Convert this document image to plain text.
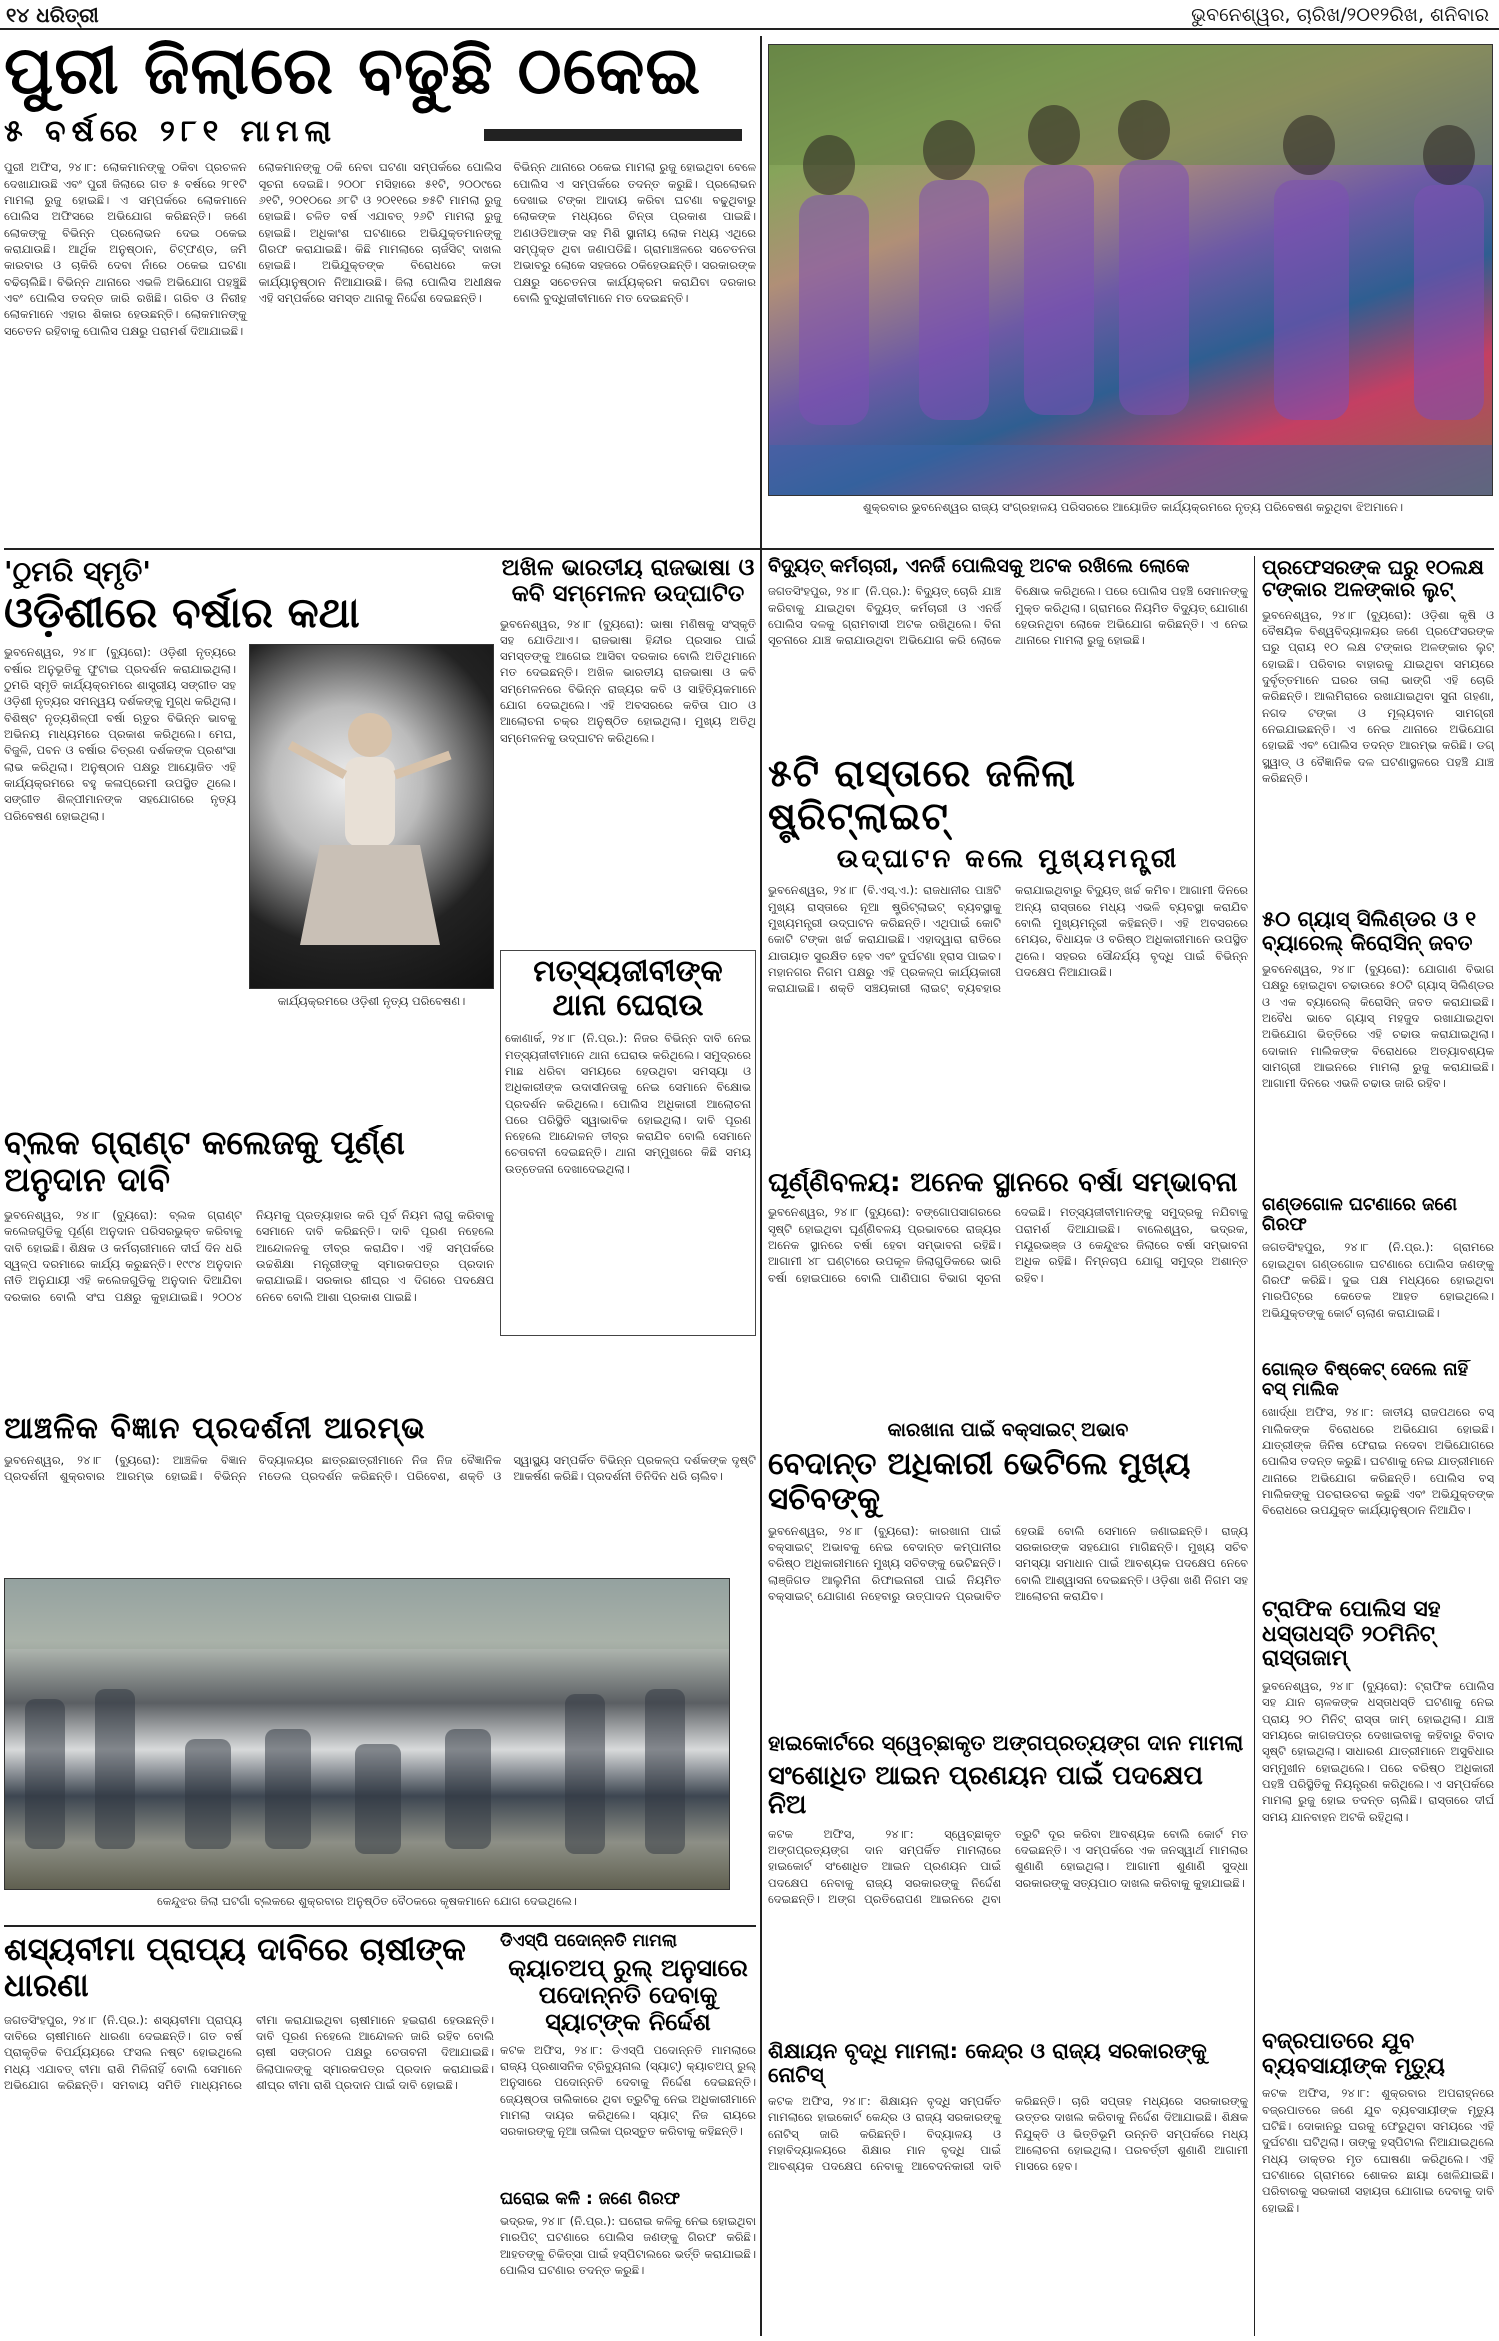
୧୪ ଧରିତ୍ରୀ	ଭୁବନେଶ୍ୱର, ଚାରିଖ/୨୦୧୨ରିଖ, ଶନିବାର
ପୁରୀ ଜିଲାରେ ବଢୁଛି ଠକେଇ
୫ ବର୍ଷରେ ୨୮୧ ମାମଲା
ପୁରୀ ଅଫିସ, ୨୪।୮: ଲୋକମାନଙ୍କୁ ଠକିବା ପ୍ରଚଳନ ଦେଖାଯାଉଛି ଏବଂ ପୁରୀ ଜିଲାରେ ଗତ ୫ ବର୍ଷରେ ୨୮୧ଟି ମାମଲା ରୁଜୁ ହୋଇଛି। ଏ ସମ୍ପର୍କରେ ଲୋକମାନେ ପୋଲିସ ଅଫିସରେ ଅଭିଯୋଗ କରିଛନ୍ତି। ଜଣେ ଲୋକଙ୍କୁ ବିଭିନ୍ନ ପ୍ରଲୋଭନ ଦେଇ ଠକେଇ କରାଯାଉଛି। ଆର୍ଥିକ ଅନୁଷ୍ଠାନ, ଚିଟ୍‌ଫଣ୍ଡ, ଜମି କାରବାର ଓ ଚାକିରି ଦେବା ନାଁରେ ଠକେଇ ଘଟଣା ବଢିଚାଲିଛି। ବିଭିନ୍ନ ଥାନାରେ ଏଭଳି ଅଭିଯୋଗ ପହଞ୍ଚୁଛି ଏବଂ ପୋଲିସ ତଦନ୍ତ ଜାରି ରଖିଛି। ଗରିବ ଓ ନିରୀହ ଲୋକମାନେ ଏହାର ଶିକାର ହେଉଛନ୍ତି। ଲୋକମାନଙ୍କୁ ସଚେତନ ରହିବାକୁ ପୋଲିସ ପକ୍ଷରୁ ପରାମର୍ଶ ଦିଆଯାଇଛି।
ଲୋକମାନଙ୍କୁ ଠକି ନେବା ଘଟଣା ସମ୍ପର୍କରେ ପୋଲିସ ସୂଚନା ଦେଇଛି। ୨୦୦୮ ମସିହାରେ ୫୧ଟି, ୨୦୦୯ରେ ୬୧ଟି, ୨୦୧୦ରେ ୬୮ଟି ଓ ୨୦୧୧ରେ ୭୫ଟି ମାମଲା ରୁଜୁ ହୋଇଛି। ଚଳିତ ବର୍ଷ ଏଯାବତ୍ ୨୬ଟି ମାମଲା ରୁଜୁ ହୋଇଛି। ଅଧିକାଂଶ ଘଟଣାରେ ଅଭିଯୁକ୍ତମାନଙ୍କୁ ଗିରଫ କରାଯାଇଛି। କିଛି ମାମଲାରେ ଚାର୍ଜସିଟ୍ ଦାଖଲ ହୋଇଛି। ଅଭିଯୁକ୍ତଙ୍କ ବିରୋଧରେ କଡା କାର୍ଯ୍ୟାନୁଷ୍ଠାନ ନିଆଯାଉଛି। ଜିଲା ପୋଲିସ ଅଧୀକ୍ଷକ ଏହି ସମ୍ପର୍କରେ ସମସ୍ତ ଥାନାକୁ ନିର୍ଦ୍ଦେଶ ଦେଇଛନ୍ତି।
ବିଭିନ୍ନ ଥାନାରେ ଠକେଇ ମାମଲା ରୁଜୁ ହୋଇଥିବା ବେଳେ ପୋଲିସ ଏ ସମ୍ପର୍କରେ ତଦନ୍ତ କରୁଛି। ପ୍ରଲୋଭନ ଦେଖାଇ ଟଙ୍କା ଆଦାୟ କରିବା ଘଟଣା ବଢୁଥିବାରୁ ଲୋକଙ୍କ ମଧ୍ୟରେ ଚିନ୍ତା ପ୍ରକାଶ ପାଇଛି। ଅଣଓଡିଆଙ୍କ ସହ ମିଶି ସ୍ଥାନୀୟ ଲୋକ ମଧ୍ୟ ଏଥିରେ ସମ୍ପୃକ୍ତ ଥିବା ଜଣାପଡିଛି। ଗ୍ରାମାଞ୍ଚଳରେ ସଚେତନତା ଅଭାବରୁ ଲୋକେ ସହଜରେ ଠକିହେଉଛନ୍ତି। ସରକାରଙ୍କ ପକ୍ଷରୁ ସଚେତନତା କାର୍ଯ୍ୟକ୍ରମ କରାଯିବା ଦରକାର ବୋଲି ବୁଦ୍ଧିଜୀବୀମାନେ ମତ ଦେଇଛନ୍ତି।
ଶୁକ୍ରବାର ଭୁବନେଶ୍ୱର ରାଜ୍ୟ ସଂଗ୍ରହାଳୟ ପରିସରରେ ଆୟୋଜିତ କାର୍ଯ୍ୟକ୍ରମରେ ନୃତ୍ୟ ପରିବେଷଣ କରୁଥିବା ଝିଅମାନେ।
'ଠୁମରି ସ୍ମୃତି'
ଓଡ଼ିଶୀରେ ବର୍ଷାର କଥା
ଭୁବନେଶ୍ୱର, ୨୪।୮ (ବ୍ୟୁରୋ): ଓଡ଼ିଶୀ ନୃତ୍ୟରେ ବର୍ଷାର ଅନୁଭୂତିକୁ ଫୁଟାଇ ପ୍ରଦର୍ଶନ କରାଯାଇଥିଲା। ଠୁମରି ସ୍ମୃତି କାର୍ଯ୍ୟକ୍ରମରେ ଶାସ୍ତ୍ରୀୟ ସଙ୍ଗୀତ ସହ ଓଡ଼ିଶୀ ନୃତ୍ୟର ସମନ୍ୱୟ ଦର୍ଶକଙ୍କୁ ମୁଗ୍ଧ କରିଥିଲା। ବିଶିଷ୍ଟ ନୃତ୍ୟଶିଳ୍ପୀ ବର୍ଷା ଋତୁର ବିଭିନ୍ନ ଭାବକୁ ଅଭିନୟ ମାଧ୍ୟମରେ ପ୍ରକାଶ କରିଥିଲେ। ମେଘ, ବିଜୁଳି, ପବନ ଓ ବର୍ଷାର ଚିତ୍ରଣ ଦର୍ଶକଙ୍କ ପ୍ରଶଂସା ଲାଭ କରିଥିଲା। ଅନୁଷ୍ଠାନ ପକ୍ଷରୁ ଆୟୋଜିତ ଏହି କାର୍ଯ୍ୟକ୍ରମରେ ବହୁ କଳାପ୍ରେମୀ ଉପସ୍ଥିତ ଥିଲେ। ସଙ୍ଗୀତ ଶିଳ୍ପୀମାନଙ୍କ ସହଯୋଗରେ ନୃତ୍ୟ ପରିବେଷଣ ହୋଇଥିଲା।
କାର୍ଯ୍ୟକ୍ରମରେ ଓଡ଼ିଶୀ ନୃତ୍ୟ ପରିବେଷଣ।
ଅଖିଳ ଭାରତୀୟ ରାଜଭାଷା ଓ କବି ସମ୍ମେଳନ ଉଦ୍‌ଘାଟିତ
ଭୁବନେଶ୍ୱର, ୨୪।୮ (ବ୍ୟୁରୋ): ଭାଷା ମଣିଷକୁ ସଂସ୍କୃତି ସହ ଯୋଡିଥାଏ। ରାଜଭାଷା ହିନ୍ଦୀର ପ୍ରସାର ପାଇଁ ସମସ୍ତଙ୍କୁ ଆଗେଇ ଆସିବା ଦରକାର ବୋଲି ଅତିଥିମାନେ ମତ ଦେଇଛନ୍ତି। ଅଖିଳ ଭାରତୀୟ ରାଜଭାଷା ଓ କବି ସମ୍ମେଳନରେ ବିଭିନ୍ନ ରାଜ୍ୟର କବି ଓ ସାହିତ୍ୟିକମାନେ ଯୋଗ ଦେଇଥିଲେ। ଏହି ଅବସରରେ କବିତା ପାଠ ଓ ଆଲୋଚନା ଚକ୍ର ଅନୁଷ୍ଠିତ ହୋଇଥିଲା। ମୁଖ୍ୟ ଅତିଥି ସମ୍ମେଳନକୁ ଉଦ୍‌ଘାଟନ କରିଥିଲେ।
ମତ୍ସ୍ୟଜୀବୀଙ୍କ ଥାନା ଘେରାଉ
କୋଣାର୍କ, ୨୪।୮ (ନି.ପ୍ର.): ନିଜର ବିଭିନ୍ନ ଦାବି ନେଇ ମତ୍ସ୍ୟଜୀବୀମାନେ ଥାନା ଘେରାଉ କରିଥିଲେ। ସମୁଦ୍ରରେ ମାଛ ଧରିବା ସମୟରେ ହେଉଥିବା ସମସ୍ୟା ଓ ଅଧିକାରୀଙ୍କ ଉଦାସୀନତାକୁ ନେଇ ସେମାନେ ବିକ୍ଷୋଭ ପ୍ରଦର୍ଶନ କରିଥିଲେ। ପୋଲିସ ଅଧିକାରୀ ଆଲୋଚନା ପରେ ପରିସ୍ଥିତି ସ୍ୱାଭାବିକ ହୋଇଥିଲା। ଦାବି ପୂରଣ ନହେଲେ ଆନ୍ଦୋଳନ ତୀବ୍ର କରାଯିବ ବୋଲି ସେମାନେ ଚେତାବନୀ ଦେଇଛନ୍ତି। ଥାନା ସମ୍ମୁଖରେ କିଛି ସମୟ ଉତ୍ତେଜନା ଦେଖାଦେଇଥିଲା।
ବ୍ଲକ ଗ୍ରାଣ୍ଟ କଲେଜକୁ ପୂର୍ଣ୍ଣ ଅନୁଦାନ ଦାବି
ଭୁବନେଶ୍ୱର, ୨୪।୮ (ବ୍ୟୁରୋ): ବ୍ଲକ ଗ୍ରାଣ୍ଟ କଲେଜଗୁଡିକୁ ପୂର୍ଣ୍ଣ ଅନୁଦାନ ପରିସରଭୁକ୍ତ କରିବାକୁ ଦାବି ହୋଇଛି। ଶିକ୍ଷକ ଓ କର୍ମଚାରୀମାନେ ଦୀର୍ଘ ଦିନ ଧରି ସ୍ୱଳ୍ପ ଦରମାରେ କାର୍ଯ୍ୟ କରୁଛନ୍ତି। ୧୯୯୪ ଅନୁଦାନ ନୀତି ଅନୁଯାୟୀ ଏହି କଲେଜଗୁଡିକୁ ଅନୁଦାନ ଦିଆଯିବା ଦରକାର ବୋଲି ସଂଘ ପକ୍ଷରୁ କୁହାଯାଇଛି। ୨୦୦୪ ନିୟମକୁ ପ୍ରତ୍ୟାହାର କରି ପୂର୍ବ ନିୟମ ଲାଗୁ କରିବାକୁ ସେମାନେ ଦାବି କରିଛନ୍ତି। ଦାବି ପୂରଣ ନହେଲେ ଆନ୍ଦୋଳନକୁ ତୀବ୍ର କରାଯିବ। ଏହି ସମ୍ପର୍କରେ ଉଚ୍ଚଶିକ୍ଷା ମନ୍ତ୍ରୀଙ୍କୁ ସ୍ମାରକପତ୍ର ପ୍ରଦାନ କରାଯାଇଛି। ସରକାର ଶୀଘ୍ର ଏ ଦିଗରେ ପଦକ୍ଷେପ ନେବେ ବୋଲି ଆଶା ପ୍ରକାଶ ପାଇଛି।
ଆଞ୍ଚଳିକ ବିଜ୍ଞାନ ପ୍ରଦର୍ଶନୀ ଆରମ୍ଭ
ଭୁବନେଶ୍ୱର, ୨୪।୮ (ବ୍ୟୁରୋ): ଆଞ୍ଚଳିକ ବିଜ୍ଞାନ ପ୍ରଦର୍ଶନୀ ଶୁକ୍ରବାର ଆରମ୍ଭ ହୋଇଛି। ବିଭିନ୍ନ ବିଦ୍ୟାଳୟର ଛାତ୍ରଛାତ୍ରୀମାନେ ନିଜ ନିଜ ବୈଜ୍ଞାନିକ ମଡେଲ ପ୍ରଦର୍ଶନ କରିଛନ୍ତି। ପରିବେଶ, ଶକ୍ତି ଓ ସ୍ୱାସ୍ଥ୍ୟ ସମ୍ପର୍କିତ ବିଭିନ୍ନ ପ୍ରକଳ୍ପ ଦର୍ଶକଙ୍କ ଦୃଷ୍ଟି ଆକର୍ଷଣ କରିଛି। ପ୍ରଦର୍ଶନୀ ତିନିଦିନ ଧରି ଚାଲିବ।
କେନ୍ଦୁଝର ଜିଲା ଘଟଗାଁ ବ୍ଲକରେ ଶୁକ୍ରବାର ଅନୁଷ୍ଠିତ ବୈଠକରେ କୃଷକମାନେ ଯୋଗ ଦେଇଥିଲେ।
ଶସ୍ୟବୀମା ପ୍ରାପ୍ୟ ଦାବିରେ ଚାଷୀଙ୍କ ଧାରଣା
ଜଗତସିଂହପୁର, ୨୪।୮ (ନି.ପ୍ର.): ଶସ୍ୟବୀମା ପ୍ରାପ୍ୟ ଦାବିରେ ଚାଷୀମାନେ ଧାରଣା ଦେଇଛନ୍ତି। ଗତ ବର୍ଷ ପ୍ରାକୃତିକ ବିପର୍ଯ୍ୟୟରେ ଫସଲ ନଷ୍ଟ ହୋଇଥିଲେ ମଧ୍ୟ ଏଯାବତ୍ ବୀମା ରାଶି ମିଳିନାହିଁ ବୋଲି ସେମାନେ ଅଭିଯୋଗ କରିଛନ୍ତି। ସମବାୟ ସମିତି ମାଧ୍ୟମରେ ବୀମା କରାଯାଇଥିବା ଚାଷୀମାନେ ହଇରାଣ ହେଉଛନ୍ତି। ଦାବି ପୂରଣ ନହେଲେ ଆନ୍ଦୋଳନ ଜାରି ରହିବ ବୋଲି ଚାଷୀ ସଙ୍ଗଠନ ପକ୍ଷରୁ ଚେତାବନୀ ଦିଆଯାଇଛି। ଜିଲାପାଳଙ୍କୁ ସ୍ମାରକପତ୍ର ପ୍ରଦାନ କରାଯାଇଛି। ଶୀଘ୍ର ବୀମା ରାଶି ପ୍ରଦାନ ପାଇଁ ଦାବି ହୋଇଛି।
ଡିଏସ୍‌ପି ପଦୋନ୍ନତି ମାମଲା
କ୍ୟାଚଅପ୍ ରୁଲ୍ ଅନୁସାରେ ପଦୋନ୍ନତି ଦେବାକୁ ସ୍ୟାଟ୍‌ଙ୍କ ନିର୍ଦ୍ଦେଶ
କଟକ ଅଫିସ, ୨୪।୮: ଡିଏସ୍‌ପି ପଦୋନ୍ନତି ମାମଲାରେ ରାଜ୍ୟ ପ୍ରଶାସନିକ ଟ୍ରିବ୍ୟୁନାଲ (ସ୍ୟାଟ୍) କ୍ୟାଚଅପ୍ ରୁଲ୍ ଅନୁସାରେ ପଦୋନ୍ନତି ଦେବାକୁ ନିର୍ଦ୍ଦେଶ ଦେଇଛନ୍ତି। ଜ୍ୟେଷ୍ଠତା ତାଲିକାରେ ଥିବା ତ୍ରୁଟିକୁ ନେଇ ଅଧିକାରୀମାନେ ମାମଲା ଦାୟର କରିଥିଲେ। ସ୍ୟାଟ୍ ନିଜ ରାୟରେ ସରକାରଙ୍କୁ ନୂଆ ତାଲିକା ପ୍ରସ୍ତୁତ କରିବାକୁ କହିଛନ୍ତି।
ଘରୋଇ କଳି : ଜଣେ ଗିରଫ
ଭଦ୍ରକ, ୨୪।୮ (ନି.ପ୍ର.): ଘରୋଇ କଳିକୁ ନେଇ ହୋଇଥିବା ମାରପିଟ୍ ଘଟଣାରେ ପୋଲିସ ଜଣଙ୍କୁ ଗିରଫ କରିଛି। ଆହତଙ୍କୁ ଚିକିତ୍ସା ପାଇଁ ହସ୍ପିଟାଲରେ ଭର୍ତ୍ତି କରାଯାଇଛି। ପୋଲିସ ଘଟଣାର ତଦନ୍ତ କରୁଛି।
ବିଦ୍ୟୁତ୍ କର୍ମଚାରୀ, ଏନର୍ଜି ପୋଲିସକୁ ଅଟକ ରଖିଲେ ଲୋକେ
ଜଗତସିଂହପୁର, ୨୪।୮ (ନି.ପ୍ର.): ବିଦ୍ୟୁତ୍ ଚୋରି ଯାଞ୍ଚ କରିବାକୁ ଯାଇଥିବା ବିଦ୍ୟୁତ୍ କର୍ମଚାରୀ ଓ ଏନର୍ଜି ପୋଲିସ ଦଳକୁ ଗ୍ରାମବାସୀ ଅଟକ ରଖିଥିଲେ। ବିନା ସୂଚନାରେ ଯାଞ୍ଚ କରାଯାଉଥିବା ଅଭିଯୋଗ କରି ଲୋକେ ବିକ୍ଷୋଭ କରିଥିଲେ। ପରେ ପୋଲିସ ପହଞ୍ଚି ସେମାନଙ୍କୁ ମୁକ୍ତ କରିଥିଲା। ଗ୍ରାମରେ ନିୟମିତ ବିଦ୍ୟୁତ୍ ଯୋଗାଣ ହେଉନଥିବା ଲୋକେ ଅଭିଯୋଗ କରିଛନ୍ତି। ଏ ନେଇ ଥାନାରେ ମାମଲା ରୁଜୁ ହୋଇଛି।
୫ଟି ରାସ୍ତାରେ ଜଳିଲା ଷ୍ଟ୍ରିଟ୍‌ଲାଇଟ୍
ଉଦ୍‌ଘାଟନ କଲେ ମୁଖ୍ୟମନ୍ତ୍ରୀ
ଭୁବନେଶ୍ୱର, ୨୪।୮ (ବି.ଏସ୍.ଏ.): ରାଜଧାନୀର ପାଞ୍ଚଟି ମୁଖ୍ୟ ରାସ୍ତାରେ ନୂଆ ଷ୍ଟ୍ରିଟ୍‌ଲାଇଟ୍ ବ୍ୟବସ୍ଥାକୁ ମୁଖ୍ୟମନ୍ତ୍ରୀ ଉଦ୍‌ଘାଟନ କରିଛନ୍ତି। ଏଥିପାଇଁ କୋଟି କୋଟି ଟଙ୍କା ଖର୍ଚ୍ଚ କରାଯାଇଛି। ଏହାଦ୍ୱାରା ରାତିରେ ଯାତାୟାତ ସୁରକ୍ଷିତ ହେବ ଏବଂ ଦୁର୍ଘଟଣା ହ୍ରାସ ପାଇବ। ମହାନଗର ନିଗମ ପକ୍ଷରୁ ଏହି ପ୍ରକଳ୍ପ କାର୍ଯ୍ୟକାରୀ କରାଯାଇଛି। ଶକ୍ତି ସଞ୍ଚୟକାରୀ ଲାଇଟ୍ ବ୍ୟବହାର କରାଯାଇଥିବାରୁ ବିଦ୍ୟୁତ୍ ଖର୍ଚ୍ଚ କମିବ। ଆଗାମୀ ଦିନରେ ଅନ୍ୟ ରାସ୍ତାରେ ମଧ୍ୟ ଏଭଳି ବ୍ୟବସ୍ଥା କରାଯିବ ବୋଲି ମୁଖ୍ୟମନ୍ତ୍ରୀ କହିଛନ୍ତି। ଏହି ଅବସରରେ ମେୟର, ବିଧାୟକ ଓ ବରିଷ୍ଠ ଅଧିକାରୀମାନେ ଉପସ୍ଥିତ ଥିଲେ। ସହରର ସୌନ୍ଦର୍ଯ୍ୟ ବୃଦ୍ଧି ପାଇଁ ବିଭିନ୍ନ ପଦକ୍ଷେପ ନିଆଯାଉଛି।
ଘୂର୍ଣ୍ଣିବଳୟ: ଅନେକ ସ୍ଥାନରେ ବର୍ଷା ସମ୍ଭାବନା
ଭୁବନେଶ୍ୱର, ୨୪।୮ (ବ୍ୟୁରୋ): ବଙ୍ଗୋପସାଗରରେ ସୃଷ୍ଟି ହୋଇଥିବା ଘୂର୍ଣ୍ଣିବଳୟ ପ୍ରଭାବରେ ରାଜ୍ୟର ଅନେକ ସ୍ଥାନରେ ବର୍ଷା ହେବା ସମ୍ଭାବନା ରହିଛି। ଆଗାମୀ ୪୮ ଘଣ୍ଟାରେ ଉପକୂଳ ଜିଲାଗୁଡିକରେ ଭାରି ବର୍ଷା ହୋଇପାରେ ବୋଲି ପାଣିପାଗ ବିଭାଗ ସୂଚନା ଦେଇଛି। ମତ୍ସ୍ୟଜୀବୀମାନଙ୍କୁ ସମୁଦ୍ରକୁ ନଯିବାକୁ ପରାମର୍ଶ ଦିଆଯାଇଛି। ବାଲେଶ୍ୱର, ଭଦ୍ରକ, ମୟୂରଭଞ୍ଜ ଓ କେନ୍ଦୁଝର ଜିଲାରେ ବର୍ଷା ସମ୍ଭାବନା ଅଧିକ ରହିଛି। ନିମ୍ନଚାପ ଯୋଗୁ ସମୁଦ୍ର ଅଶାନ୍ତ ରହିବ।
କାରଖାନା ପାଇଁ ବକ୍ସାଇଟ୍ ଅଭାବ
ବେଦାନ୍ତ ଅଧିକାରୀ ଭେଟିଲେ ମୁଖ୍ୟ ସଚିବଙ୍କୁ
ଭୁବନେଶ୍ୱର, ୨୪।୮ (ବ୍ୟୁରୋ): କାରଖାନା ପାଇଁ ବକ୍ସାଇଟ୍ ଅଭାବକୁ ନେଇ ବେଦାନ୍ତ କମ୍ପାନୀର ବରିଷ୍ଠ ଅଧିକାରୀମାନେ ମୁଖ୍ୟ ସଚିବଙ୍କୁ ଭେଟିଛନ୍ତି। ଲାଞ୍ଜିଗଡ ଆଲୁମିନା ରିଫାଇନାରୀ ପାଇଁ ନିୟମିତ ବକ୍ସାଇଟ୍ ଯୋଗାଣ ନହେବାରୁ ଉତ୍ପାଦନ ପ୍ରଭାବିତ ହେଉଛି ବୋଲି ସେମାନେ ଜଣାଇଛନ୍ତି। ରାଜ୍ୟ ସରକାରଙ୍କ ସହଯୋଗ ମାଗିଛନ୍ତି। ମୁଖ୍ୟ ସଚିବ ସମସ୍ୟା ସମାଧାନ ପାଇଁ ଆବଶ୍ୟକ ପଦକ୍ଷେପ ନେବେ ବୋଲି ଆଶ୍ୱାସନା ଦେଇଛନ୍ତି। ଓଡ଼ିଶା ଖଣି ନିଗମ ସହ ଆଲୋଚନା କରାଯିବ।
ହାଇକୋର୍ଟରେ ସ୍ୱେଚ୍ଛାକୃତ ଅଙ୍ଗପ୍ରତ୍ୟଙ୍ଗ ଦାନ ମାମଲା
ସଂଶୋଧିତ ଆଇନ ପ୍ରଣୟନ ପାଇଁ ପଦକ୍ଷେପ ନିଅ
କଟକ ଅଫିସ, ୨୪।୮: ସ୍ୱେଚ୍ଛାକୃତ ଅଙ୍ଗପ୍ରତ୍ୟଙ୍ଗ ଦାନ ସମ୍ପର୍କିତ ମାମଲାରେ ହାଇକୋର୍ଟ ସଂଶୋଧିତ ଆଇନ ପ୍ରଣୟନ ପାଇଁ ପଦକ୍ଷେପ ନେବାକୁ ରାଜ୍ୟ ସରକାରଙ୍କୁ ନିର୍ଦ୍ଦେଶ ଦେଇଛନ୍ତି। ଅଙ୍ଗ ପ୍ରତିରୋପଣ ଆଇନରେ ଥିବା ତ୍ରୁଟି ଦୂର କରିବା ଆବଶ୍ୟକ ବୋଲି କୋର୍ଟ ମତ ଦେଇଛନ୍ତି। ଏ ସମ୍ପର୍କରେ ଏକ ଜନସ୍ୱାର୍ଥ ମାମଲାର ଶୁଣାଣି ହୋଇଥିଲା। ଆଗାମୀ ଶୁଣାଣି ସୁଦ୍ଧା ସରକାରଙ୍କୁ ସତ୍ୟପାଠ ଦାଖଲ କରିବାକୁ କୁହାଯାଇଛି।
ଶିକ୍ଷାୟନ ବୃଦ୍ଧି ମାମଲା: କେନ୍ଦ୍ର ଓ ରାଜ୍ୟ ସରକାରଙ୍କୁ ନୋଟିସ୍
କଟକ ଅଫିସ, ୨୪।୮: ଶିକ୍ଷାୟନ ବୃଦ୍ଧି ସମ୍ପର୍କିତ ମାମଲାରେ ହାଇକୋର୍ଟ କେନ୍ଦ୍ର ଓ ରାଜ୍ୟ ସରକାରଙ୍କୁ ନୋଟିସ୍ ଜାରି କରିଛନ୍ତି। ବିଦ୍ୟାଳୟ ଓ ମହାବିଦ୍ୟାଳୟରେ ଶିକ୍ଷାର ମାନ ବୃଦ୍ଧି ପାଇଁ ଆବଶ୍ୟକ ପଦକ୍ଷେପ ନେବାକୁ ଆବେଦନକାରୀ ଦାବି କରିଛନ୍ତି। ଚାରି ସପ୍ତାହ ମଧ୍ୟରେ ସରକାରଙ୍କୁ ଉତ୍ତର ଦାଖଲ କରିବାକୁ ନିର୍ଦ୍ଦେଶ ଦିଆଯାଇଛି। ଶିକ୍ଷକ ନିଯୁକ୍ତି ଓ ଭିତ୍ତିଭୂମି ଉନ୍ନତି ସମ୍ପର୍କରେ ମଧ୍ୟ ଆଲୋଚନା ହୋଇଥିଲା। ପରବର୍ତ୍ତୀ ଶୁଣାଣି ଆଗାମୀ ମାସରେ ହେବ।
ପ୍ରଫେସରଙ୍କ ଘରୁ ୧୦ଲକ୍ଷ ଟଙ୍କାର ଅଳଙ୍କାର ଲୁଟ୍
ଭୁବନେଶ୍ୱର, ୨୪।୮ (ବ୍ୟୁରୋ): ଓଡ଼ିଶା କୃଷି ଓ ବୈଷୟିକ ବିଶ୍ୱବିଦ୍ୟାଳୟର ଜଣେ ପ୍ରଫେସରଙ୍କ ଘରୁ ପ୍ରାୟ ୧୦ ଲକ୍ଷ ଟଙ୍କାର ଅଳଙ୍କାର ଲୁଟ୍ ହୋଇଛି। ପରିବାର ବାହାରକୁ ଯାଇଥିବା ସମୟରେ ଦୁର୍ବୃତ୍ତମାନେ ଘରର ତାଲା ଭାଙ୍ଗି ଏହି ଚୋରି କରିଛନ୍ତି। ଆଲମିରାରେ ରଖାଯାଇଥିବା ସୁନା ଗହଣା, ନଗଦ ଟଙ୍କା ଓ ମୂଲ୍ୟବାନ ସାମଗ୍ରୀ ନେଇଯାଇଛନ୍ତି। ଏ ନେଇ ଥାନାରେ ଅଭିଯୋଗ ହୋଇଛି ଏବଂ ପୋଲିସ ତଦନ୍ତ ଆରମ୍ଭ କରିଛି। ଡଗ୍ ସ୍କ୍ୱାଡ୍ ଓ ବୈଜ୍ଞାନିକ ଦଳ ଘଟଣାସ୍ଥଳରେ ପହଞ୍ଚି ଯାଞ୍ଚ କରିଛନ୍ତି।
୫୦ ଗ୍ୟାସ୍ ସିଲିଣ୍ଡର ଓ ୧ ବ୍ୟାରେଲ୍ କିରୋସିନ୍ ଜବତ
ଭୁବନେଶ୍ୱର, ୨୪।୮ (ବ୍ୟୁରୋ): ଯୋଗାଣ ବିଭାଗ ପକ୍ଷରୁ ହୋଇଥିବା ଚଢାଉରେ ୫୦ଟି ଗ୍ୟାସ୍ ସିଲିଣ୍ଡର ଓ ଏକ ବ୍ୟାରେଲ୍ କିରୋସିନ୍ ଜବତ କରାଯାଇଛି। ଅବୈଧ ଭାବେ ଗ୍ୟାସ୍ ମହଜୁଦ ରଖାଯାଇଥିବା ଅଭିଯୋଗ ଭିତ୍ତିରେ ଏହି ଚଢାଉ କରାଯାଇଥିଲା। ଦୋକାନ ମାଲିକଙ୍କ ବିରୋଧରେ ଅତ୍ୟାବଶ୍ୟକ ସାମଗ୍ରୀ ଆଇନରେ ମାମଲା ରୁଜୁ କରାଯାଇଛି। ଆଗାମୀ ଦିନରେ ଏଭଳି ଚଢାଉ ଜାରି ରହିବ।
ଗଣ୍ଡଗୋଳ ଘଟଣାରେ ଜଣେ ଗିରଫ
ଜଗତସିଂହପୁର, ୨୪।୮ (ନି.ପ୍ର.): ଗ୍ରାମରେ ହୋଇଥିବା ଗଣ୍ଡଗୋଳ ଘଟଣାରେ ପୋଲିସ ଜଣଙ୍କୁ ଗିରଫ କରିଛି। ଦୁଇ ପକ୍ଷ ମଧ୍ୟରେ ହୋଇଥିବା ମାରପିଟ୍‌ରେ କେତେକ ଆହତ ହୋଇଥିଲେ। ଅଭିଯୁକ୍ତଙ୍କୁ କୋର୍ଟ ଚାଲାଣ କରାଯାଇଛି।
ଗୋଲ୍ଡ ବିଷ୍କେଟ୍ ଦେଲେ ନାହିଁ ବସ୍ ମାଲିକ
ଖୋର୍ଦ୍ଧା ଅଫିସ, ୨୪।୮: ଜାତୀୟ ରାଜପଥରେ ବସ୍ ମାଲିକଙ୍କ ବିରୋଧରେ ଅଭିଯୋଗ ହୋଇଛି। ଯାତ୍ରୀଙ୍କ ଜିନିଷ ଫେରାଇ ନଦେବା ଅଭିଯୋଗରେ ପୋଲିସ ତଦନ୍ତ କରୁଛି। ଘଟଣାକୁ ନେଇ ଯାତ୍ରୀମାନେ ଥାନାରେ ଅଭିଯୋଗ କରିଛନ୍ତି। ପୋଲିସ ବସ୍ ମାଲିକଙ୍କୁ ପଚରାଉଚରା କରୁଛି ଏବଂ ଅଭିଯୁକ୍ତଙ୍କ ବିରୋଧରେ ଉପଯୁକ୍ତ କାର୍ଯ୍ୟାନୁଷ୍ଠାନ ନିଆଯିବ।
ଟ୍ରାଫିକ ପୋଲିସ ସହ ଧସ୍ତାଧସ୍ତି ୨୦ମିନିଟ୍ ରାସ୍ତାଜାମ୍
ଭୁବନେଶ୍ୱର, ୨୪।୮ (ବ୍ୟୁରୋ): ଟ୍ରାଫିକ ପୋଲିସ ସହ ଯାନ ଚାଳକଙ୍କ ଧସ୍ତାଧସ୍ତି ଘଟଣାକୁ ନେଇ ପ୍ରାୟ ୨୦ ମିନିଟ୍ ରାସ୍ତା ଜାମ୍ ହୋଇଥିଲା। ଯାଞ୍ଚ ସମୟରେ କାଗଜପତ୍ର ଦେଖାଇବାକୁ କହିବାରୁ ବିବାଦ ସୃଷ୍ଟି ହୋଇଥିଲା। ସାଧାରଣ ଯାତ୍ରୀମାନେ ଅସୁବିଧାର ସମ୍ମୁଖୀନ ହୋଇଥିଲେ। ପରେ ବରିଷ୍ଠ ଅଧିକାରୀ ପହଞ୍ଚି ପରିସ୍ଥିତିକୁ ନିୟନ୍ତ୍ରଣ କରିଥିଲେ। ଏ ସମ୍ପର୍କରେ ମାମଲା ରୁଜୁ ହୋଇ ତଦନ୍ତ ଚାଲିଛି। ରାସ୍ତାରେ ଦୀର୍ଘ ସମୟ ଯାନବାହନ ଅଟକି ରହିଥିଲା।
ବଜ୍ରପାତରେ ଯୁବ ବ୍ୟବସାୟୀଙ୍କ ମୃତ୍ୟୁ
କଟକ ଅଫିସ, ୨୪।୮: ଶୁକ୍ରବାର ଅପରାହ୍ନରେ ବଜ୍ରପାତରେ ଜଣେ ଯୁବ ବ୍ୟବସାୟୀଙ୍କ ମୃତ୍ୟୁ ଘଟିଛି। ଦୋକାନରୁ ଘରକୁ ଫେରୁଥିବା ସମୟରେ ଏହି ଦୁର୍ଘଟଣା ଘଟିଥିଲା। ତାଙ୍କୁ ହସ୍ପିଟାଲ ନିଆଯାଇଥିଲେ ମଧ୍ୟ ଡାକ୍ତର ମୃତ ଘୋଷଣା କରିଥିଲେ। ଏହି ଘଟଣାରେ ଗ୍ରାମରେ ଶୋକର ଛାୟା ଖେଳିଯାଇଛି। ପରିବାରକୁ ସରକାରୀ ସହାୟତା ଯୋଗାଇ ଦେବାକୁ ଦାବି ହୋଇଛି।
